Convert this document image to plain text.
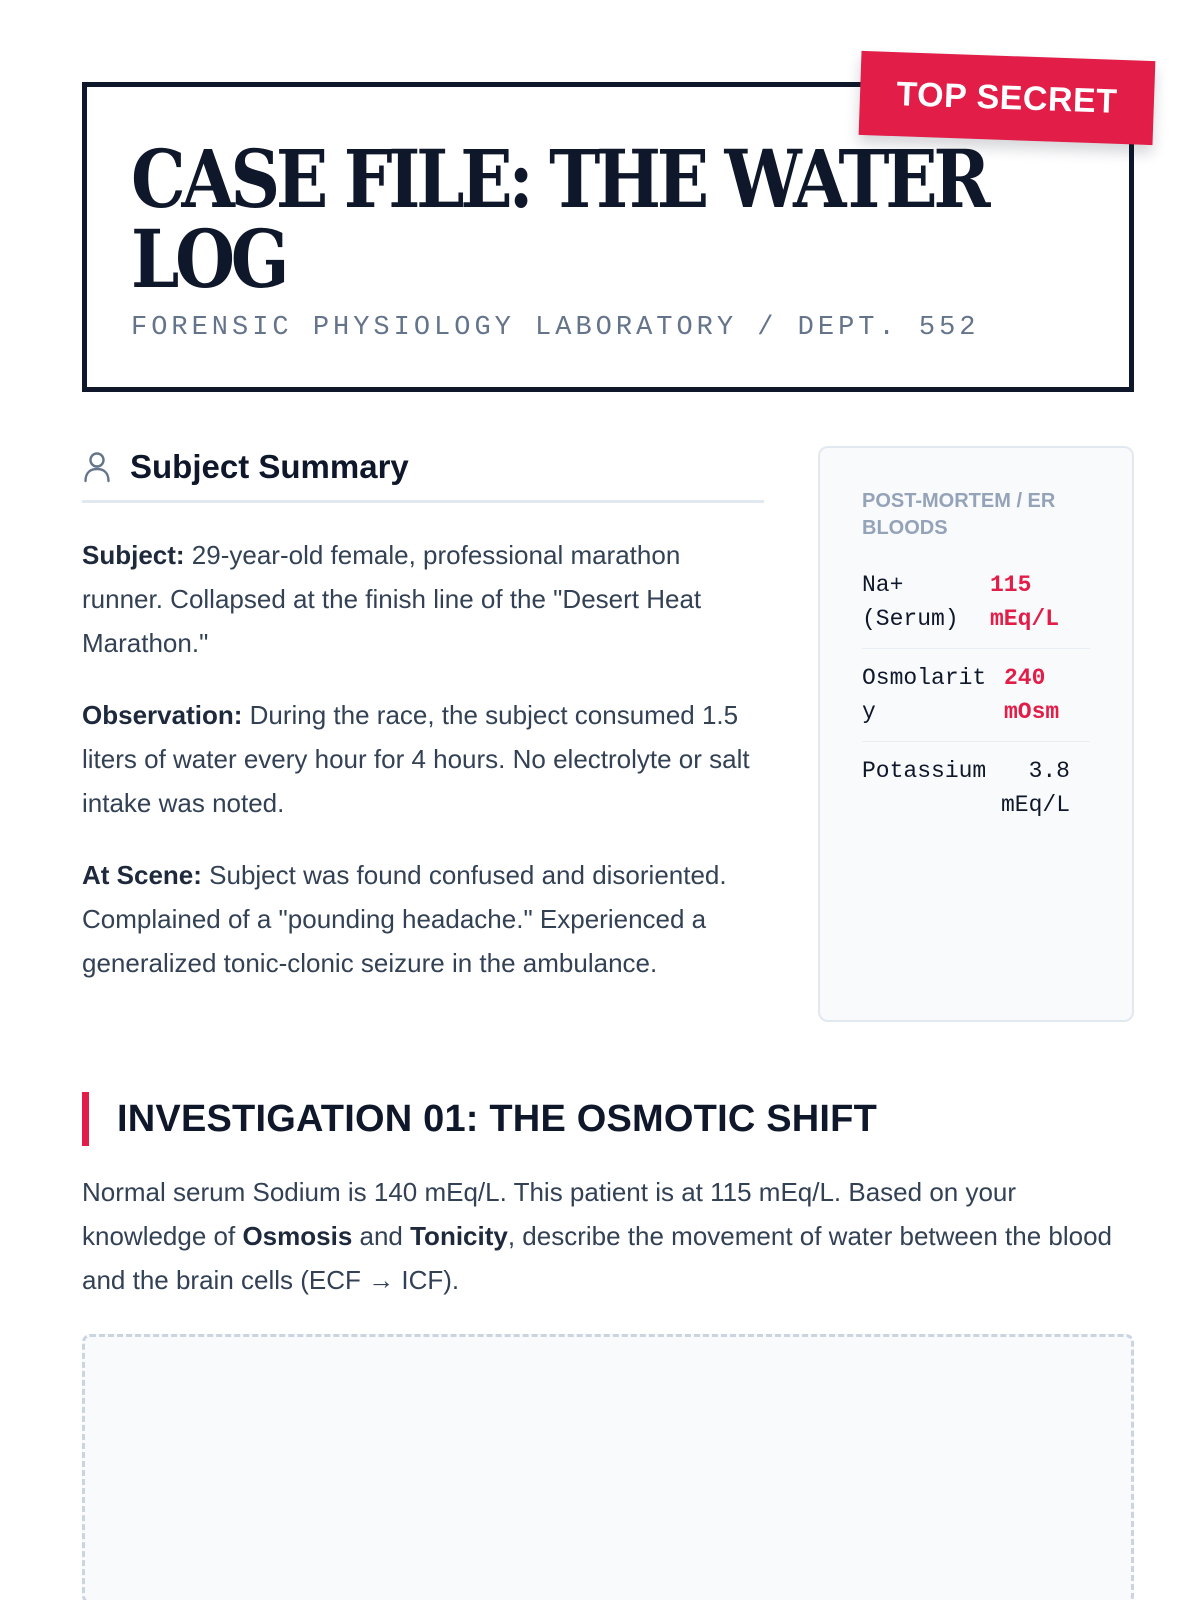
CASE FILE: THE WATER LOG
FORENSIC PHYSIOLOGY LABORATORY / DEPT. 552
TOP SECRET
Subject Summary

Subject: 29-year-old female, professional marathon runner. Collapsed at the finish line of the "Desert Heat Marathon."

Observation: During the race, the subject consumed 1.5 liters of water every hour for 4 hours. No electrolyte or salt intake was noted.

At Scene: Subject was found confused and disoriented. Complained of a "pounding headache." Experienced a generalized tonic-clonic seizure in the ambulance.

POST-MORTEM / ER BLOODS
Na+ (Serum)
115 mEq/L
Osmolarity
240 mOsm
Potassium	3.8 mEq/L
INVESTIGATION 01: THE OSMOTIC SHIFT

Normal serum Sodium is 140 mEq/L. This patient is at 115 mEq/L. Based on your knowledge of Osmosis and Tonicity, describe the movement of water between the blood and the brain cells (ECF → ICF).
